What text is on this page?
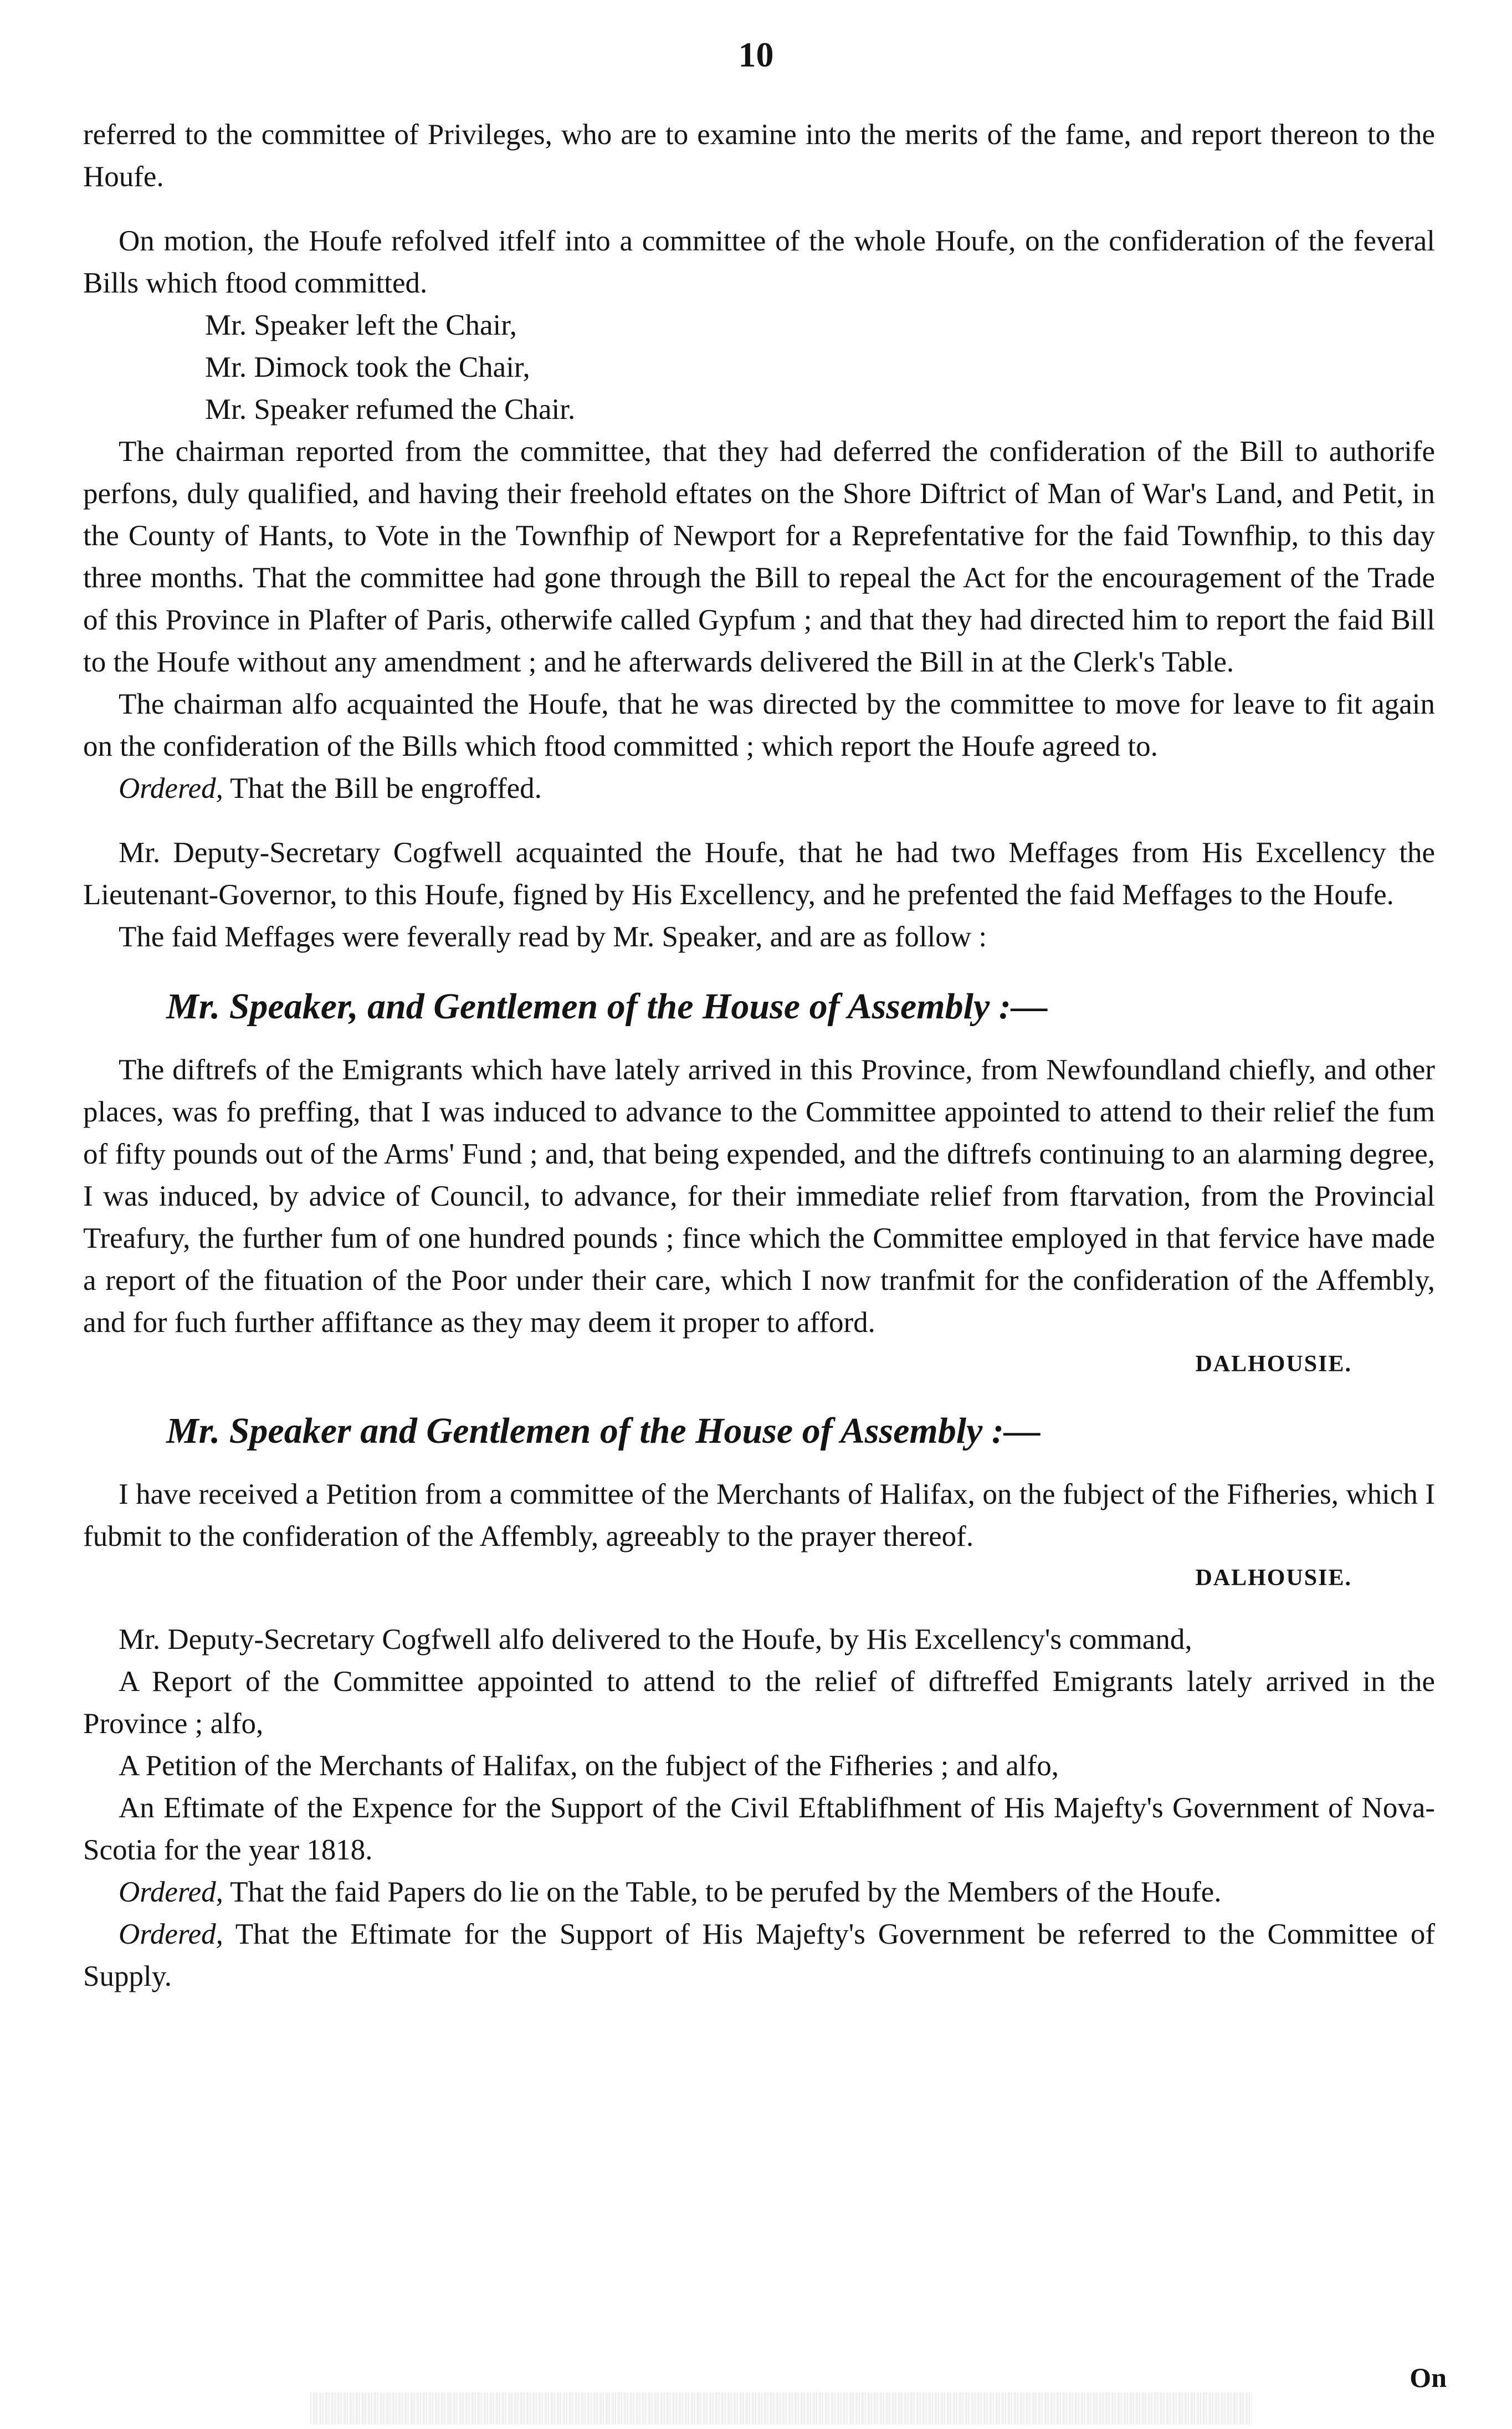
10

referred to the committee of Privileges, who are to examine into the merits of the fame, and report thereon to the Houfe.

On motion, the Houfe refolved itfelf into a committee of the whole Houfe, on the confideration of the feveral Bills which ftood committed.

Mr. Speaker left the Chair,

Mr. Dimock took the Chair,

Mr. Speaker refumed the Chair.

The chairman reported from the committee, that they had deferred the confideration of the Bill to authorife perfons, duly qualified, and having their freehold eftates on the Shore Diftrict of Man of War's Land, and Petit, in the County of Hants, to Vote in the Townfhip of Newport for a Reprefentative for the faid Townfhip, to this day three months. That the committee had gone through the Bill to repeal the Act for the encouragement of the Trade of this Province in Plafter of Paris, otherwife called Gypfum ; and that they had directed him to report the faid Bill to the Houfe without any amendment ; and he afterwards delivered the Bill in at the Clerk's Table.

The chairman alfo acquainted the Houfe, that he was directed by the committee to move for leave to fit again on the confideration of the Bills which ftood committed ; which report the Houfe agreed to.

Ordered, That the Bill be engroffed.

Mr. Deputy-Secretary Cogfwell acquainted the Houfe, that he had two Meffages from His Excellency the Lieutenant-Governor, to this Houfe, figned by His Excellency, and he prefented the faid Meffages to the Houfe.

The faid Meffages were feverally read by Mr. Speaker, and are as follow :

Mr. Speaker, and Gentlemen of the House of Assembly :—

The diftrefs of the Emigrants which have lately arrived in this Province, from Newfoundland chiefly, and other places, was fo preffing, that I was induced to advance to the Committee appointed to attend to their relief the fum of fifty pounds out of the Arms' Fund ; and, that being expended, and the diftrefs continuing to an alarming degree, I was induced, by advice of Council, to advance, for their immediate relief from ftarvation, from the Provincial Treafury, the further fum of one hundred pounds ; fince which the Committee employed in that fervice have made a report of the fituation of the Poor under their care, which I now tranfmit for the confideration of the Affembly, and for fuch further affiftance as they may deem it proper to afford.

DALHOUSIE.

Mr. Speaker and Gentlemen of the House of Assembly :—

I have received a Petition from a committee of the Merchants of Halifax, on the fubject of the Fifheries, which I fubmit to the confideration of the Affembly, agreeably to the prayer thereof.

DALHOUSIE.

Mr. Deputy-Secretary Cogfwell alfo delivered to the Houfe, by His Excellency's command,

A Report of the Committee appointed to attend to the relief of diftreffed Emigrants lately arrived in the Province ; alfo,

A Petition of the Merchants of Halifax, on the fubject of the Fifheries ; and alfo,

An Eftimate of the Expence for the Support of the Civil Eftablifhment of His Majefty's Government of Nova-Scotia for the year 1818.

Ordered, That the faid Papers do lie on the Table, to be perufed by the Members of the Houfe.

Ordered, That the Eftimate for the Support of His Majefty's Government be referred to the Committee of Supply.

On
